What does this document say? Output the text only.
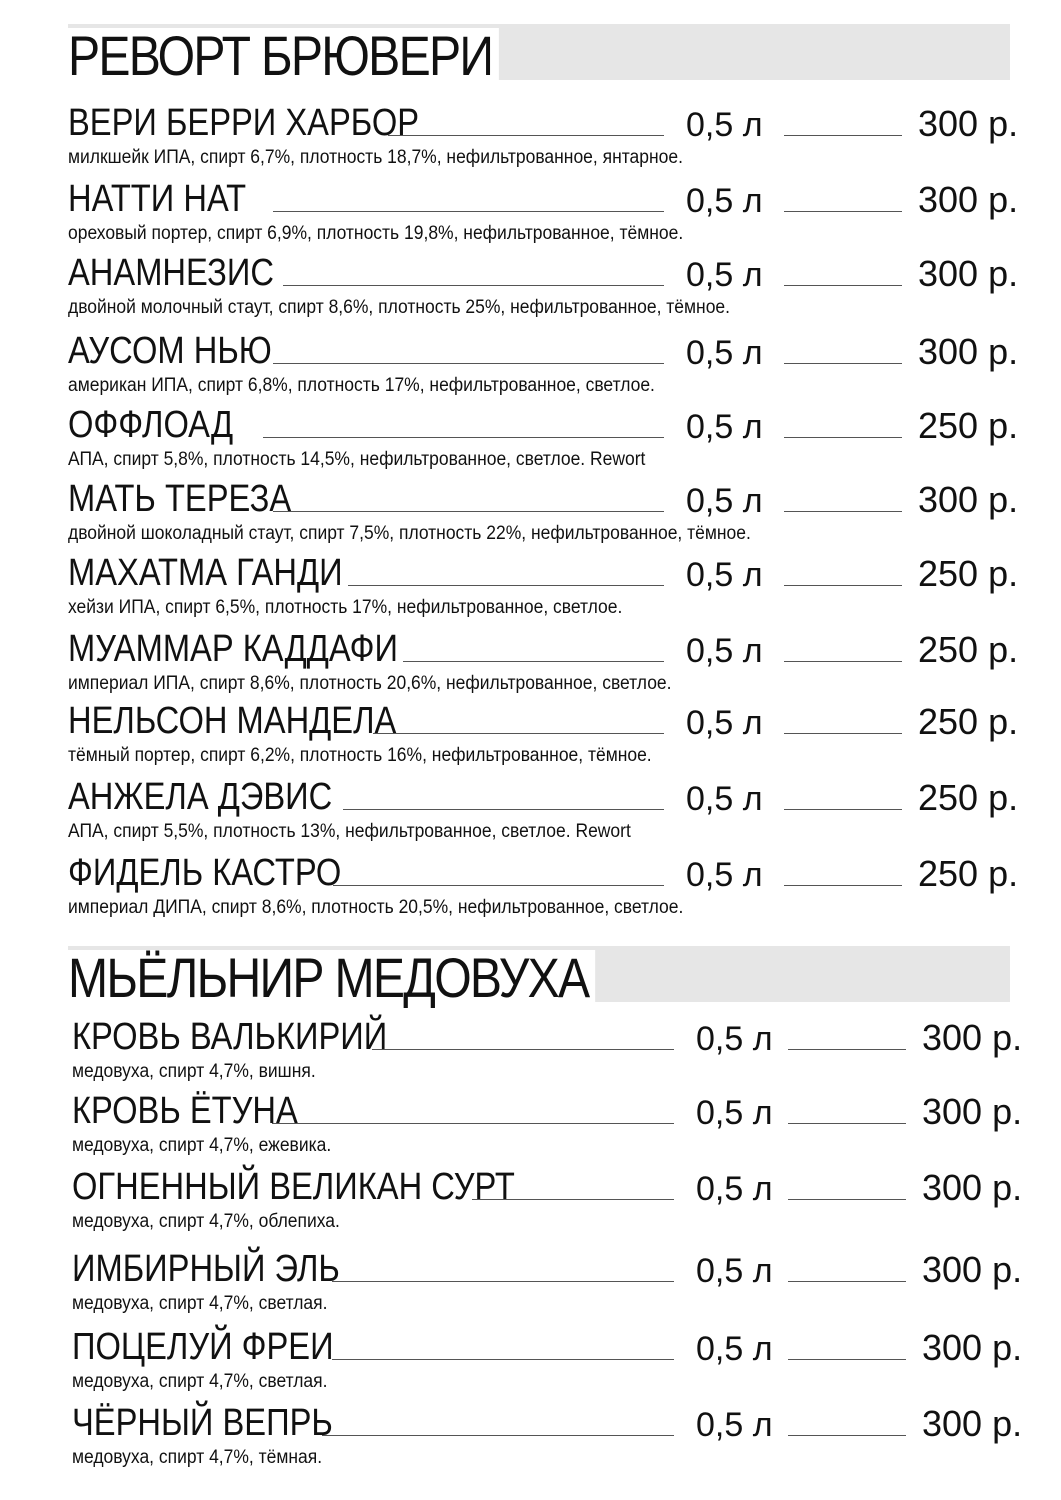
РЕВОРТ БРЮВЕРИ
МЬЁЛЬНИР МЕДОВУХА
ВЕРИ БЕРРИ ХАРБОР	0,5 л	300 р.
милкшейк ИПА, спирт 6,7%, плотность 18,7%, нефильтрованное, янтарное.
НАТТИ НАТ	0,5 л	300 р.
ореховый портер, спирт 6,9%, плотность 19,8%, нефильтрованное, тёмное.
АНАМНЕЗИС	0,5 л	300 р.
двойной молочный стаут, спирт 8,6%, плотность 25%, нефильтрованное, тёмное.
АУСОМ НЬЮ	0,5 л	300 р.
американ ИПА, спирт 6,8%, плотность 17%, нефильтрованное, светлое.
ОФФЛОАД	0,5 л	250 р.
АПА, спирт 5,8%, плотность 14,5%, нефильтрованное, светлое. Rewort
МАТЬ ТЕРЕЗА	0,5 л	300 р.
двойной шоколадный стаут, спирт 7,5%, плотность 22%, нефильтрованное, тёмное.
МАХАТМА ГАНДИ	0,5 л	250 р.
хейзи ИПА, спирт 6,5%, плотность 17%, нефильтрованное, светлое.
МУАММАР КАДДАФИ	0,5 л	250 р.
империал ИПА, спирт 8,6%, плотность 20,6%, нефильтрованное, светлое.
НЕЛЬСОН МАНДЕЛА	0,5 л	250 р.
тёмный портер, спирт 6,2%, плотность 16%, нефильтрованное, тёмное.
АНЖЕЛА ДЭВИС	0,5 л	250 р.
АПА, спирт 5,5%, плотность 13%, нефильтрованное, светлое. Rewort
ФИДЕЛЬ КАСТРО	0,5 л	250 р.
империал ДИПА, спирт 8,6%, плотность 20,5%, нефильтрованное, светлое.
КРОВЬ ВАЛЬКИРИЙ	0,5 л	300 р.
медовуха, спирт 4,7%, вишня.
КРОВЬ ЁТУНА	0,5 л	300 р.
медовуха, спирт 4,7%, ежевика.
ОГНЕННЫЙ ВЕЛИКАН СУРТ	0,5 л	300 р.
медовуха, спирт 4,7%, облепиха.
ИМБИРНЫЙ ЭЛЬ	0,5 л	300 р.
медовуха, спирт 4,7%, светлая.
ПОЦЕЛУЙ ФРЕИ	0,5 л	300 р.
медовуха, спирт 4,7%, светлая.
ЧЁРНЫЙ ВЕПРЬ	0,5 л	300 р.
медовуха, спирт 4,7%, тёмная.
